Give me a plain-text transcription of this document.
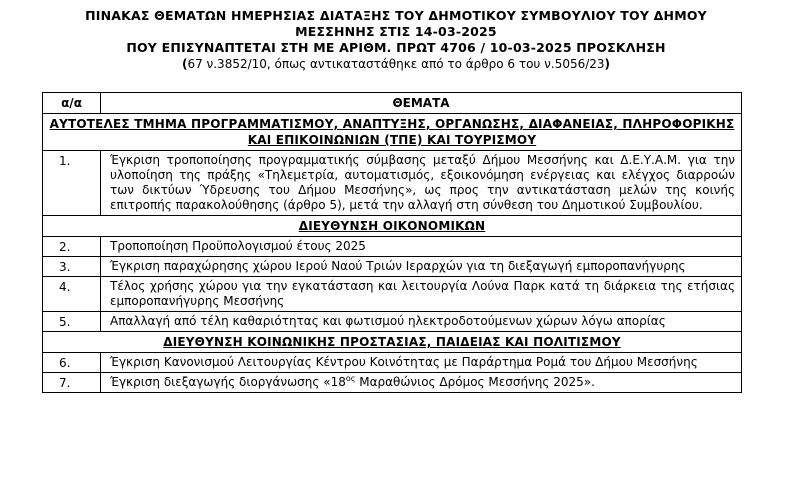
ΠΙΝΑΚΑΣ ΘΕΜΑΤΩΝ ΗΜΕΡΗΣΙΑΣ ΔΙΑΤΑΞΗΣ ΤΟΥ ΔΗΜΟΤΙΚΟΥ ΣΥΜΒΟΥΛΙΟΥ ΤΟΥ ΔΗΜΟΥ
ΜΕΣΣΗΝΗΣ ΣΤΙΣ 14-03-2025
ΠΟΥ ΕΠΙΣΥΝΑΠΤΕΤΑΙ ΣΤΗ ΜΕ ΑΡΙΘΜ. ΠΡΩΤ 4706 / 10-03-2025 ΠΡΟΣΚΛΗΣΗ
(67 ν.3852/10, όπως αντικαταστάθηκε από το άρθρο 6 του ν.5056/23)
α/α	ΘΕΜΑΤΑ
ΑΥΤΟΤΕΛΕΣ ΤΜΗΜΑ ΠΡΟΓΡΑΜΜΑΤΙΣΜΟΥ, ΑΝΑΠΤΥΞΗΣ, ΟΡΓΑΝΩΣΗΣ, ΔΙΑΦΑΝΕΙΑΣ, ΠΛΗΡΟΦΟΡΙΚΗΣ ΚΑΙ ΕΠΙΚΟΙΝΩΝΙΩΝ (ΤΠΕ) ΚΑΙ ΤΟΥΡΙΣΜΟΥ	
1.	Έγκριση τροποποίησης προγραμματικής σύμβασης μεταξύ Δήμου Μεσσήνης και Δ.Ε.Υ.Α.Μ. για την υλοποίηση της πράξης «Τηλεμετρία, αυτοματισμός, εξοικονόμηση ενέργειας και ελέγχος διαρροών των δικτύων Ύδρευσης του Δήμου Μεσσήνης», ως προς την αντικατάσταση μελών της κοινής επιτροπής παρακολούθησης (άρθρο 5), μετά την αλλαγή στη σύνθεση του Δημοτικού Συμβουλίου.
ΔΙΕΥΘΥΝΣΗ ΟΙΚΟΝΟΜΙΚΩΝ	
2.	Τροποποίηση Προϋπολογισμού έτους 2025
3.	Έγκριση παραχώρησης χώρου Ιερού Ναού Τριών Ιεραρχών για τη διεξαγωγή εμποροπανήγυρης
4.	Τέλος χρήσης χώρου για την εγκατάσταση και λειτουργία Λούνα Παρκ κατά τη διάρκεια της ετήσιας εμποροπανήγυρης Μεσσήνης
5.	Απαλλαγή από τέλη καθαριότητας και φωτισμού ηλεκτροδοτούμενων χώρων λόγω απορίας
ΔΙΕΥΘΥΝΣΗ ΚΟΙΝΩΝΙΚΗΣ ΠΡΟΣΤΑΣΙΑΣ, ΠΑΙΔΕΙΑΣ ΚΑΙ ΠΟΛΙΤΙΣΜΟΥ	
6.	Έγκριση Κανονισμού Λειτουργίας Κέντρου Κοινότητας με Παράρτημα Ρομά του Δήμου Μεσσήνης
7.	Έγκριση διεξαγωγής διοργάνωσης «$18^{o\varsigma}$ Μαραθώνιος Δρόμος Μεσσήνης 2025».
